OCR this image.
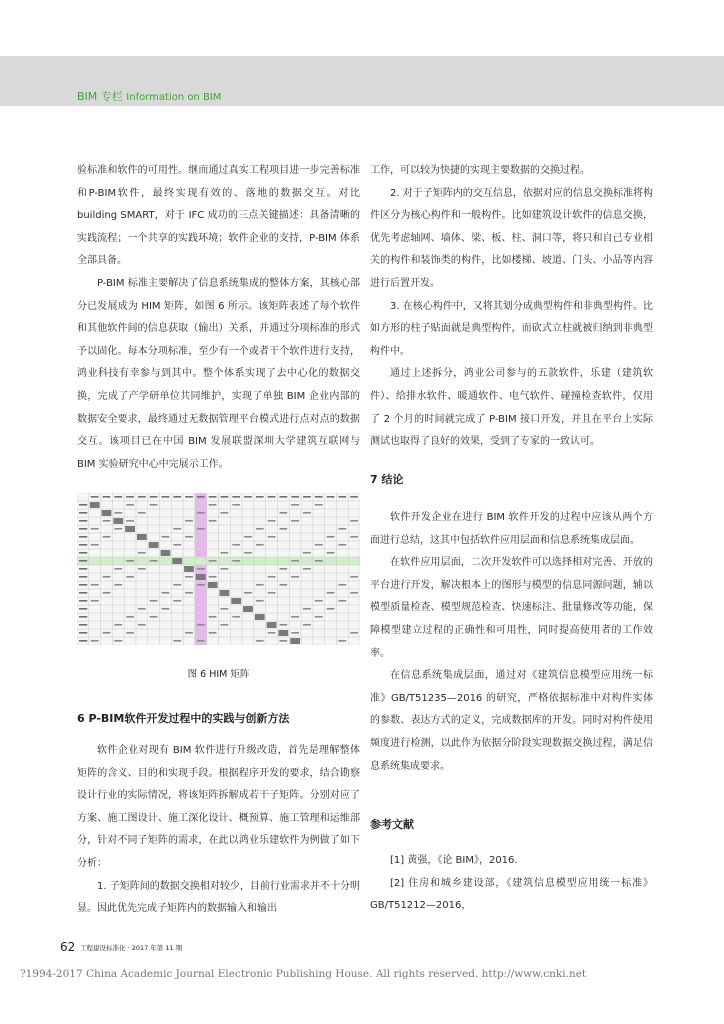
BIM 专栏 Information on BIM

验标准和软件的可用性。继而通过真实工程项目进一步完善标准和P-BIM软件，最终实现有效的、落地的数据交互。对比 building SMART，对于 IFC 成功的三点关键描述：具备清晰的实践流程；一个共享的实践环境；软件企业的支持，P-BIM 体系全部具备。

P-BIM 标准主要解决了信息系统集成的整体方案，其核心部分已发展成为 HIM 矩阵，如图 6 所示。该矩阵表述了每个软件和其他软件间的信息获取（输出）关系，并通过分项标准的形式予以固化。每本分项标准，至少有一个或者干个软件进行支持，鸿业科技有幸参与到其中。整个体系实现了去中心化的数据交换，完成了产学研单位共同维护，实现了单独 BIM 企业内部的数据安全要求，最终通过无数据管理平台模式进行点对点的数据交互。该项目已在中国 BIM 发展联盟深圳大学建筑互联网与 BIM 实验研究中心中完展示工作。

图 6 HIM 矩阵
6 P-BIM软件开发过程中的实践与创新方法

软件企业对现有 BIM 软件进行升级改造，首先是理解整体矩阵的含义、目的和实现手段。根据程序开发的要求，结合勘察设计行业的实际情况，将该矩阵拆解成若干子矩阵。分别对应了方案、施工图设计、施工深化设计、概预算、施工管理和运维部分，针对不同子矩阵的需求，在此以鸿业乐建软件为例做了如下分析：

1. 子矩阵间的数据交换相对较少，目前行业需求并不十分明显。因此优先完成子矩阵内的数据输入和输出

工作，可以较为快捷的实现主要数据的交换过程。

2. 对于子矩阵内的交互信息，依据对应的信息交换标准将构件区分为核心构件和一般构件。比如建筑设计软件的信息交换，优先考虑轴网、墙体、梁、板、柱、洞口等，将只和自己专业相关的构件和装饰类的构件，比如楼梯、坡道、门头、小品等内容进行后置开发。

3. 在核心构件中，又将其划分成典型构件和非典型构件。比如方形的柱子贴面就是典型构件，而砍式立柱就被归纳到非典型构件中。

通过上述拆分，鸿业公司参与的五款软件，乐建（建筑软件）、给排水软件、暖通软件、电气软件、碰撞检查软件，仅用了 2 个月的时间就完成了 P-BIM 接口开发，并且在平台上实际测试也取得了良好的效果，受到了专家的一致认可。

7 结论

软件开发企业在进行 BIM 软件开发的过程中应该从两个方面进行总结，这其中包括软件应用层面和信息系统集成层面。

在软件应用层面，二次开发软件可以选择相对完善、开放的平台进行开发，解决根本上的图形与模型的信息同源问题，辅以模型质量检查、模型规范检查、快速标注、批量修改等功能，保障模型建立过程的正确性和可用性，同时提高使用者的工作效率。

在信息系统集成层面，通过对《建筑信息模型应用统一标准》GB/T51235—2016 的研究，严格依据标准中对构件实体的参数、表达方式的定义，完成数据库的开发。同时对构件使用频度进行检测，以此作为依据分阶段实现数据交换过程，满足信息系统集成要求。

参考文献

[1] 黄强，《论 BIM》，2016.

[2] 住房和城乡建设部，《建筑信息模型应用统一标准》GB/T51212—2016，

62 工程建设标准化 · 2017 年第 11 期
?1994-2017 China Academic Journal Electronic Publishing House. All rights reserved. http://www.cnki.net
